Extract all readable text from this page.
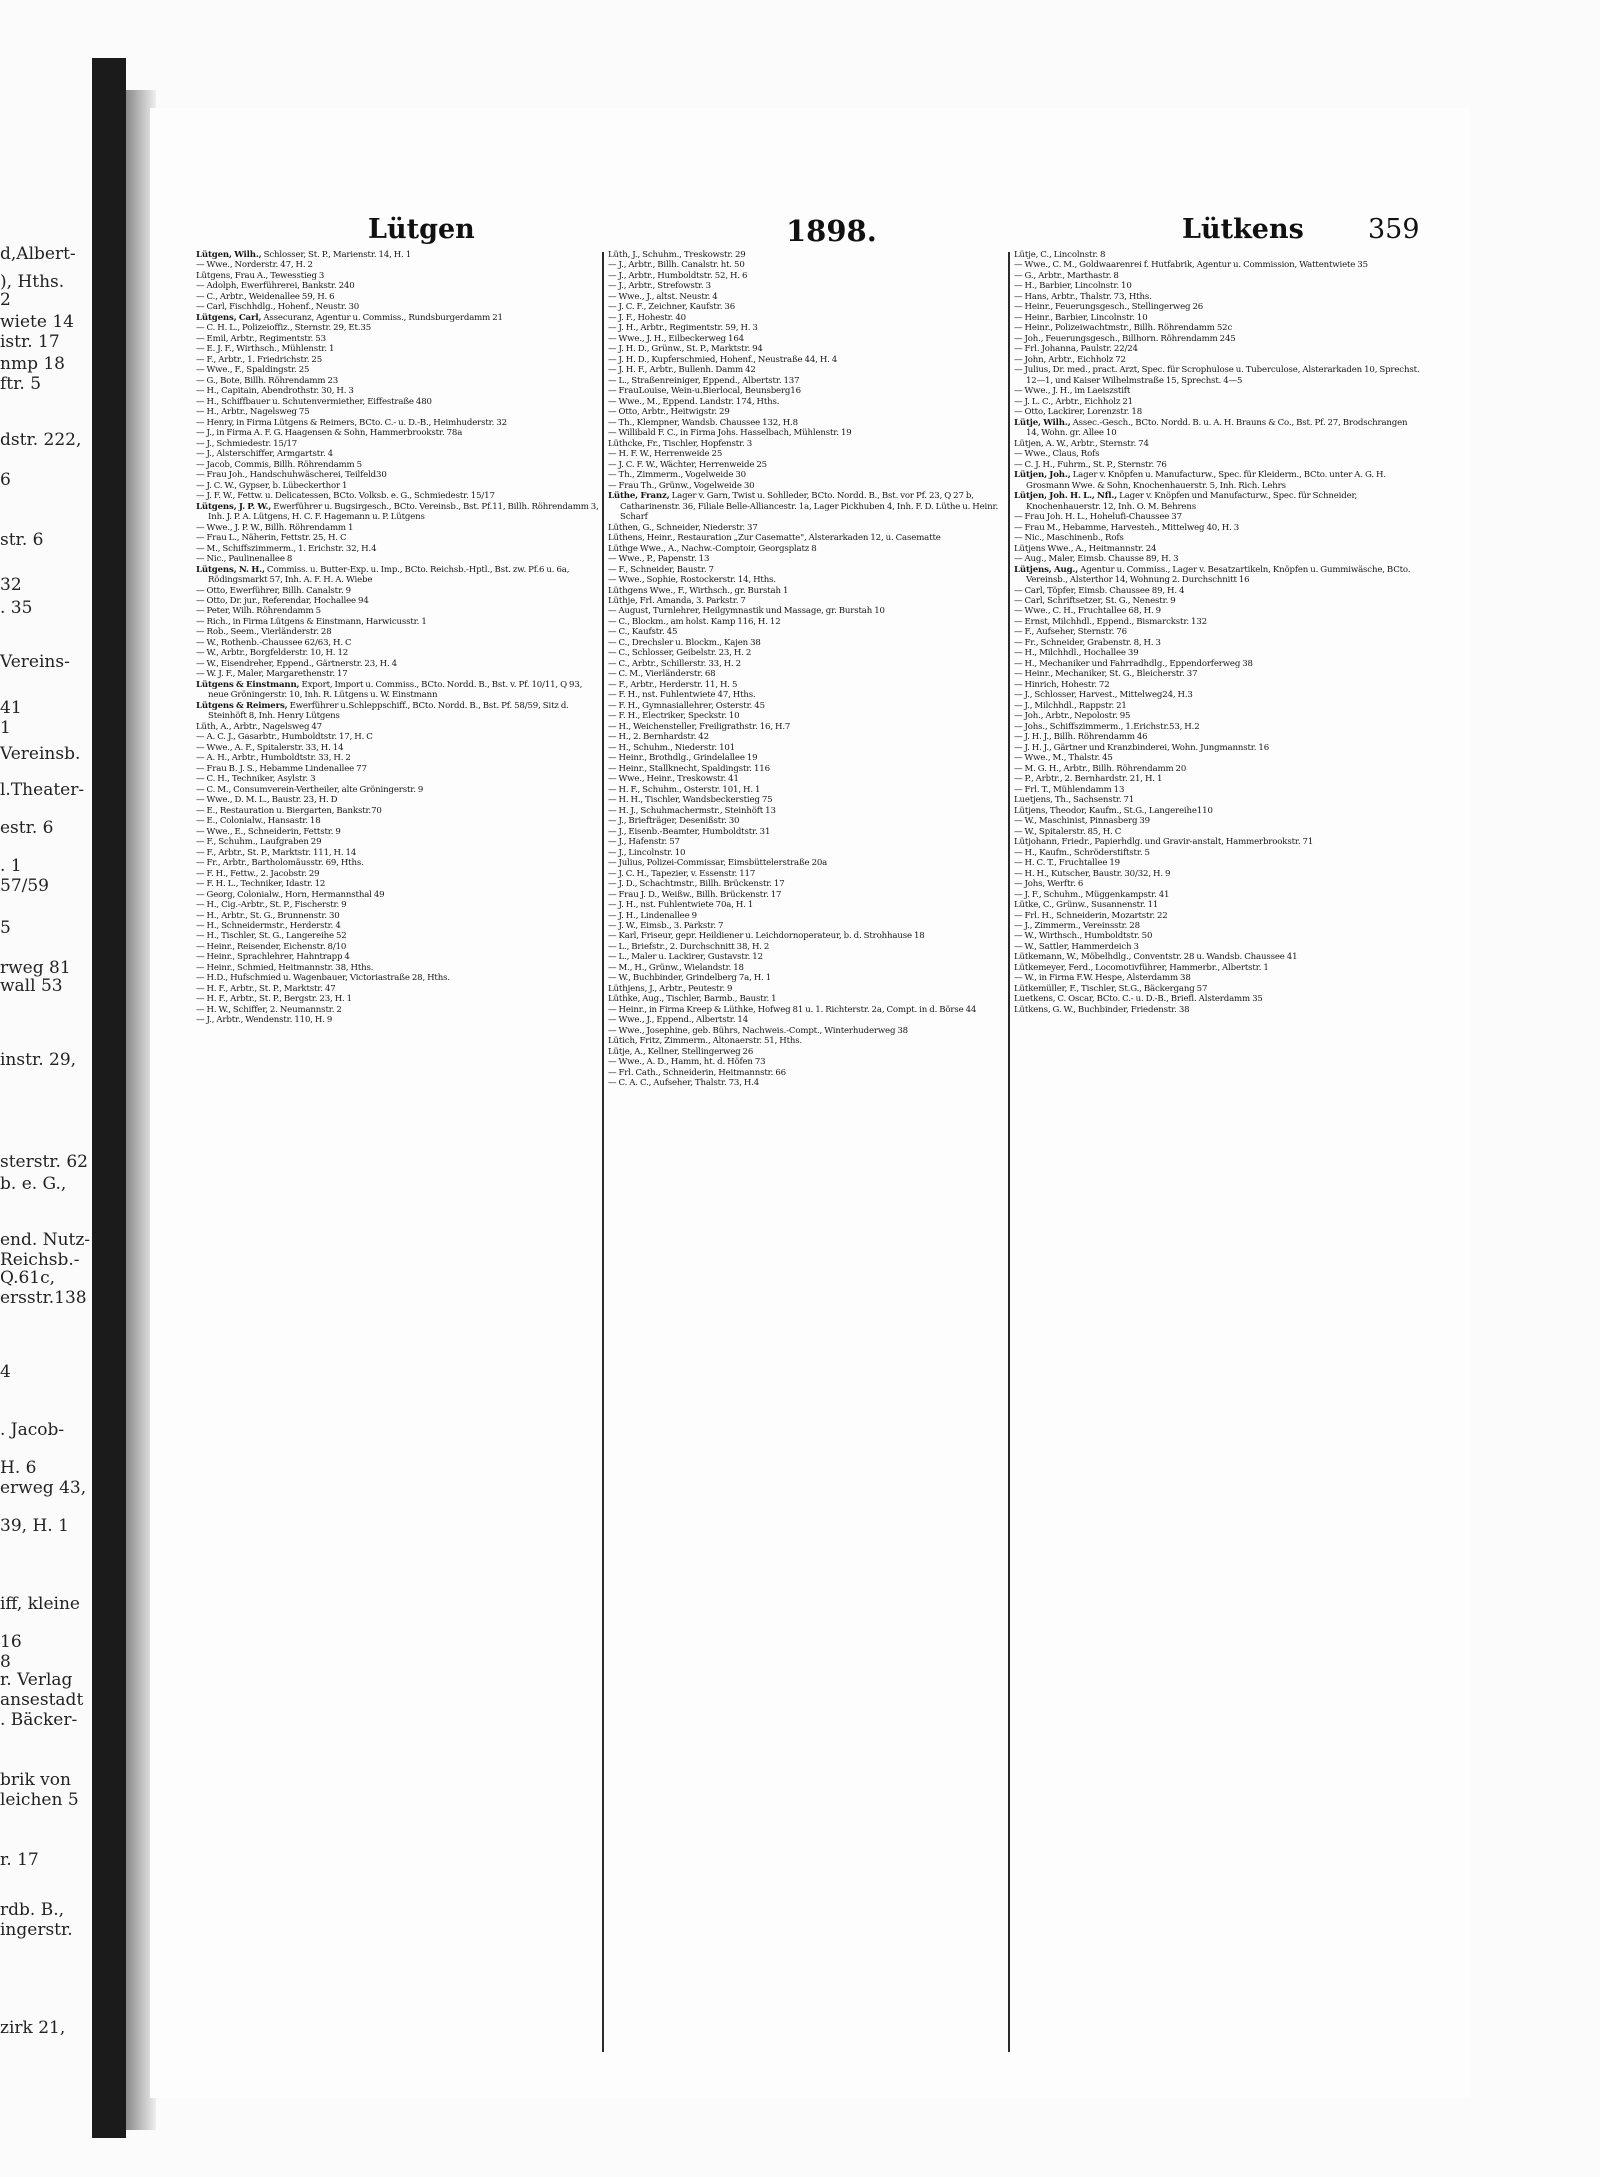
d,Albert-
), Hths.
2
wiete 14
istr. 17
nmp 18
ftr. 5
dstr. 222,
6
str. 6
32
. 35
Vereins-
41
1
Vereinsb.
l.Theater-
estr. 6
. 1
57/59
5
rweg 81
wall 53
instr. 29,
sterstr. 62
b. e. G.,
end. Nutz-
Reichsb.-
Q.61c,
ersstr.138
4
. Jacob-
H. 6
erweg 43,
39, H. 1
iff, kleine
16
8
r. Verlag
ansestadt
. Bäcker-
brik von
leichen 5
r. 17
rdb. B.,
ingerstr.
zirk 21,
Lütgen	1898.	Lütkens 359

Lütgen, Wilh., Schlosser, St. P., Marienstr. 14, H. 1

— Wwe., Norderstr. 47, H. 2

Lütgens, Frau A., Tewesstieg 3

— Adolph, Ewerführerei, Bankstr. 240

— C., Arbtr., Weidenallee 59, H. 6

— Carl, Fischhdlg., Hohenf., Neustr. 30

Lütgens, Carl, Assecuranz, Agentur u. Commiss., Rundsburgerdamm 21

— C. H. L., Polizeioffiz., Sternstr. 29, Et.35

— Emil, Arbtr., Regimentstr. 53

— E. J. F., Wirthsch., Mühlenstr. 1

— F., Arbtr., 1. Friedrichstr. 25

— Wwe., F., Spaldingstr. 25

— G., Bote, Billh. Röhrendamm 23

— H., Capitain, Abendrothstr. 30, H. 3

— H., Schiffbauer u. Schutenvermiether, Eiffestraße 480

— H., Arbtr., Nagelsweg 75

— Henry, in Firma Lütgens & Reimers, BCto. C.- u. D.-B., Heimhuderstr. 32

— J., in Firma A. F. G. Haagensen & Sohn, Hammerbrookstr. 78a

— J., Schmiedestr. 15/17

— J., Alsterschiffer, Armgartstr. 4

— Jacob, Commis, Billh. Röhrendamm 5

— Frau Joh., Handschuhwäscherei, Teilfeld30

— J. C. W., Gypser, b. Lübeckerthor 1

— J. F. W., Fettw. u. Delicatessen, BCto. Volksb. e. G., Schmiedestr. 15/17

Lütgens, J. P. W., Ewerführer u. Bugsirgesch., BCto. Vereinsb., Bst. Pf.11, Billh. Röhrendamm 3, Inh. J. P. A. Lütgens, H. C. F. Hagemann u. P. Lütgens

— Wwe., J. P. W., Billh. Röhrendamm 1

— Frau L., Näherin, Fettstr. 25, H. C

— M., Schiffszimmerm., 1. Erichstr. 32, H.4

— Nic., Paulinenallee 8

Lütgens, N. H., Commiss. u. Butter-Exp. u. Imp., BCto. Reichsb.-Hptl., Bst. zw. Pf.6 u. 6a, Rödingsmarkt 57, Inh. A. F. H. A. Wiebe

— Otto, Ewerführer, Billh. Canalstr. 9

— Otto, Dr. jur., Referendar, Hochallee 94

— Peter, Wilh. Röhrendamm 5

— Rich., in Firma Lütgens & Einstmann, Harwicusstr. 1

— Rob., Seem., Vierländerstr. 28

— W., Rothenb.-Chaussee 62/63, H. C

— W., Arbtr., Borgfelderstr. 10, H. 12

— W., Eisendreher, Eppend., Gärtnerstr. 23, H. 4

— W. J. F., Maler, Margarethenstr. 17

Lütgens & Einstmann, Export, Import u. Commiss., BCto. Nordd. B., Bst. v. Pf. 10/11, Q 93, neue Gröningerstr. 10, Inh. R. Lütgens u. W. Einstmann

Lütgens & Reimers, Ewerführer u.Schleppschiff., BCto. Nordd. B., Bst. Pf. 58/59, Sitz d. Steinhöft 8, Inh. Henry Lütgens

Lüth, A., Arbtr., Nagelsweg 47

— A. C. J., Gasarbtr., Humboldtstr. 17, H. C

— Wwe., A. F., Spitalerstr. 33, H. 14

— A. H., Arbtr., Humboldtstr. 33, H. 2

— Frau B. J. S., Hebamme Lindenallee 77

— C. H., Techniker, Asylstr. 3

— C. M., Consumverein-Vertheiler, alte Gröningerstr. 9

— Wwe., D. M. L., Baustr. 23, H. D

— E., Restauration u. Biergarten, Bankstr.70

— E., Colonialw., Hansastr. 18

— Wwe., E., Schneiderin, Fettstr. 9

— F., Schuhm., Laufgraben 29

— F., Arbtr., St. P., Marktstr. 111, H. 14

— Fr., Arbtr., Bartholomäusstr. 69, Hths.

— F. H., Fettw., 2. Jacobstr. 29

— F. H. L., Techniker, Idastr. 12

— Georg, Colonialw., Horn, Hermannsthal 49

— H., Cig.-Arbtr., St. P., Fischerstr. 9

— H., Arbtr., St. G., Brunnenstr. 30

— H., Schneidermstr., Herderstr. 4

— H., Tischler, St. G., Langereihe 52

— Heinr., Reisender, Eichenstr. 8/10

— Heinr., Sprachlehrer, Hahntrapp 4

— Heinr., Schmied, Heitmannstr. 38, Hths.

— H.D., Hufschmied u. Wagenbauer, Victoriastraße 28, Hths.

— H. F., Arbtr., St. P., Marktstr. 47

— H. F., Arbtr., St. P., Bergstr. 23, H. 1

— H. W., Schiffer, 2. Neumannstr. 2

— J., Arbtr., Wendenstr. 110, H. 9

Lüth, J., Schuhm., Treskowstr. 29

— J., Arbtr., Billh. Canalstr. ht. 50

— J., Arbtr., Humboldtstr. 52, H. 6

— J., Arbtr., Strefowstr. 3

— Wwe., J., altst. Neustr. 4

— J. C. F., Zeichner, Kaufstr. 36

— J. F., Hohestr. 40

— J. H., Arbtr., Regimentstr. 59, H. 3

— Wwe., J. H., Eilbeckerweg 164

— J. H. D., Grünw., St. P., Marktstr. 94

— J. H. D., Kupferschmied, Hohenf., Neustraße 44, H. 4

— J. H. F., Arbtr., Bullenh. Damm 42

— L., Straßenreiniger, Eppend., Albertstr. 137

— FrauLouise, Wein-u.Bierlocal, Beunsberg16

— Wwe., M., Eppend. Landstr. 174, Hths.

— Otto, Arbtr., Heitwigstr. 29

— Th., Klempner, Wandsb. Chaussee 132, H.8

— Willibald F. C., in Firma Johs. Hasselbach, Mühlenstr. 19

Lüthcke, Fr., Tischler, Hopfenstr. 3

— H. F. W., Herrenweide 25

— J. C. F. W., Wächter, Herrenweide 25

— Th., Zimmerm., Vogelweide 30

— Frau Th., Grünw., Vogelweide 30

Lüthe, Franz, Lager v. Garn, Twist u. Sohlleder, BCto. Nordd. B., Bst. vor Pf. 23, Q 27 b, Catharinenstr. 36, Filiale Belle-Alliancestr. 1a, Lager Pickhuben 4, Inh. F. D. Lüthe u. Heinr. Scharf

Lüthen, G., Schneider, Niederstr. 37

Lüthens, Heinr., Restauration „Zur Casematte", Alsterarkaden 12, u. Casematte

Lüthge Wwe., A., Nachw.-Comptoir, Georgsplatz 8

— Wwe., P., Papenstr. 13

— F., Schneider, Baustr. 7

— Wwe., Sophie, Rostockerstr. 14, Hths.

Lüthgens Wwe., F., Wirthsch., gr. Burstah 1

Lüthje, Frl. Amanda, 3. Parkstr. 7

— August, Turnlehrer, Heilgymnastik und Massage, gr. Burstah 10

— C., Blockm., am holst. Kamp 116, H. 12

— C., Kaufstr. 45

— C., Drechsler u. Blockm., Kajen 38

— C., Schlosser, Geibelstr. 23, H. 2

— C., Arbtr., Schillerstr. 33, H. 2

— C. M., Vierländerstr. 68

— F., Arbtr., Herderstr. 11, H. 5

— F. H., nst. Fuhlentwiete 47, Hths.

— F. H., Gymnasiallehrer, Osterstr. 45

— F. H., Electriker, Speckstr. 10

— H., Weichensteller, Freiligrathstr. 16, H.7

— H., 2. Bernhardstr. 42

— H., Schuhm., Niederstr. 101

— Heinr., Brothdlg., Grindelallee 19

— Heinr., Stallknecht, Spaldingstr. 116

— Wwe., Heinr., Treskowstr. 41

— H. F., Schuhm., Osterstr. 101, H. 1

— H. H., Tischler, Wandsbeckerstieg 75

— H. J., Schuhmachermstr., Steinhöft 13

— J., Briefträger, Desenißstr. 30

— J., Eisenb.-Beamter, Humboldtstr. 31

— J., Hafenstr. 57

— J., Lincolnstr. 10

— Julius, Polizei-Commissar, Eimsbüttelerstraße 20a

— J. C. H., Tapezier, v. Essenstr. 117

— J. D., Schachtmstr., Billh. Brückenstr. 17

— Frau J. D., Weißw., Billh. Brückenstr. 17

— J. H., nst. Fuhlentwiete 70a, H. 1

— J. H., Lindenallee 9

— J. W., Eimsb., 3. Parkstr. 7

— Karl, Friseur, gepr. Heildiener u. Leichdornoperateur, b. d. Strohhause 18

— L., Briefstr., 2. Durchschnitt 38, H. 2

— L., Maler u. Lackirer, Gustavstr. 12

— M., H., Grünw., Wielandstr. 18

— W., Buchbinder, Grindelberg 7a, H. 1

Lüthjens, J., Arbtr., Peutestr. 9

Lüthke, Aug., Tischler, Barmb., Baustr. 1

— Heinr., in Firma Kreep & Lüthke, Hofweg 81 u. 1. Richterstr. 2a, Compt. in d. Börse 44

— Wwe., J., Eppend., Albertstr. 14

— Wwe., Josephine, geb. Bührs, Nachweis.-Compt., Winterhuderweg 38

Lütich, Fritz, Zimmerm., Altonaerstr. 51, Hths.

Lütje, A., Kellner, Stellingerweg 26

— Wwe., A. D., Hamm, ht. d. Höfen 73

— Frl. Cath., Schneiderin, Heitmannstr. 66

— C. A. C., Aufseher, Thalstr. 73, H.4

Lütje, C., Lincolnstr. 8

— Wwe., C. M., Goldwaarenrei f. Hutfabrik, Agentur u. Commission, Wattentwiete 35

— G., Arbtr., Marthastr. 8

— H., Barbier, Lincolnstr. 10

— Hans, Arbtr., Thalstr. 73, Hths.

— Heinr., Feuerungsgesch., Stellingerweg 26

— Heinr., Barbier, Lincolnstr. 10

— Heinr., Polizeiwachtmstr., Billh. Röhrendamm 52c

— Joh., Feuerungsgesch., Billhorn. Röhrendamm 245

— Frl. Johanna, Paulstr. 22/24

— John, Arbtr., Eichholz 72

— Julius, Dr. med., pract. Arzt, Spec. für Scrophulose u. Tuberculose, Alsterarkaden 10, Sprechst. 12—1, und Kaiser Wilhelmstraße 15, Sprechst. 4—5

— Wwe., J. H., im Laeiszstift

— J. L. C., Arbtr., Eichholz 21

— Otto, Lackirer, Lorenzstr. 18

Lütje, Wilh., Assec.-Gesch., BCto. Nordd. B. u. A. H. Brauns & Co., Bst. Pf. 27, Brodschrangen 14, Wohn. gr. Allee 10

Lütjen, A. W., Arbtr., Sternstr. 74

— Wwe., Claus, Rofs

— C. J. H., Fuhrm., St. P., Sternstr. 76

Lütjen, Joh., Lager v. Knöpfen u. Manufacturw., Spec. für Kleiderm., BCto. unter A. G. H. Grosmann Wwe. & Sohn, Knochenhauerstr. 5, Inh. Rich. Lehrs

Lütjen, Joh. H. L., Nfl., Lager v. Knöpfen und Manufacturw., Spec. für Schneider, Knochenhauerstr. 12, Inh. O. M. Behrens

— Frau Joh. H. L., Hohelufi-Chaussee 37

— Frau M., Hebamme, Harvesteh., Mittelweg 40, H. 3

— Nic., Maschinenb., Rofs

Lütjens Wwe., A., Heitmannstr. 24

— Aug., Maler, Eimsb. Chausse 89, H. 3

Lütjens, Aug., Agentur u. Commiss., Lager v. Besatzartikeln, Knöpfen u. Gummiwäsche, BCto. Vereinsb., Alsterthor 14, Wohnung 2. Durchschnitt 16

— Carl, Töpfer, Eimsb. Chaussee 89, H. 4

— Carl, Schriftsetzer, St. G., Nenestr. 9

— Wwe., C. H., Fruchtallee 68, H. 9

— Ernst, Milchhdl., Eppend., Bismarckstr. 132

— F., Aufseher, Sternstr. 76

— Fr., Schneider, Grabenstr. 8, H. 3

— H., Milchhdl., Hochallee 39

— H., Mechaniker und Fahrradhdlg., Eppendorferweg 38

— Heinr., Mechaniker, St. G., Bleicherstr. 37

— Hinrich, Hohestr. 72

— J., Schlosser, Harvest., Mittelweg24, H.3

— J., Milchhdl., Rappstr. 21

— Joh., Arbtr., Nepolostr. 95

— Johs., Schiffszimmerm., 1.Erichstr.53, H.2

— J. H. J., Billh. Röhrendamm 46

— J. H. J., Gärtner und Kranzbinderei, Wohn. Jungmannstr. 16

— Wwe., M., Thalstr. 45

— M. G. H., Arbtr., Billh. Röhrendamm 20

— P., Arbtr., 2. Bernhardstr. 21, H. 1

— Frl. T., Mühlendamm 13

Luetjens, Th., Sachsenstr. 71

Lütjens, Theodor, Kaufm., St.G., Langereihe110

— W., Maschinist, Pinnasberg 39

— W., Spitalerstr. 85, H. C

Lütjohann, Friedr., Papierhdlg. und Gravir-anstalt, Hammerbrookstr. 71

— H., Kaufm., Schröderstiftstr. 5

— H. C. T., Fruchtallee 19

— H. H., Kutscher, Baustr. 30/32, H. 9

— Johs, Werftr. 6

— J. F., Schuhm., Müggenkampstr. 41

Lütke, C., Grünw., Susannenstr. 11

— Frl. H., Schneiderin, Mozartstr. 22

— J., Zimmerm., Vereinsstr. 28

— W., Wirthsch., Humboldtstr. 50

— W., Sattler, Hammerdeich 3

Lütkemann, W., Möbelhdlg., Conventstr. 28 u. Wandsb. Chaussee 41

Lütkemeyer, Ferd., Locomotivführer, Hammerbr., Albertstr. 1

— W., in Firma F.W. Hespe, Alsterdamm 38

Lütkemüller, F., Tischler, St.G., Bäckergang 57

Luetkens, C. Oscar, BCto. C.- u. D.-B., Briefl. Alsterdamm 35

Lütkens, G. W., Buchbinder, Friedenstr. 38
